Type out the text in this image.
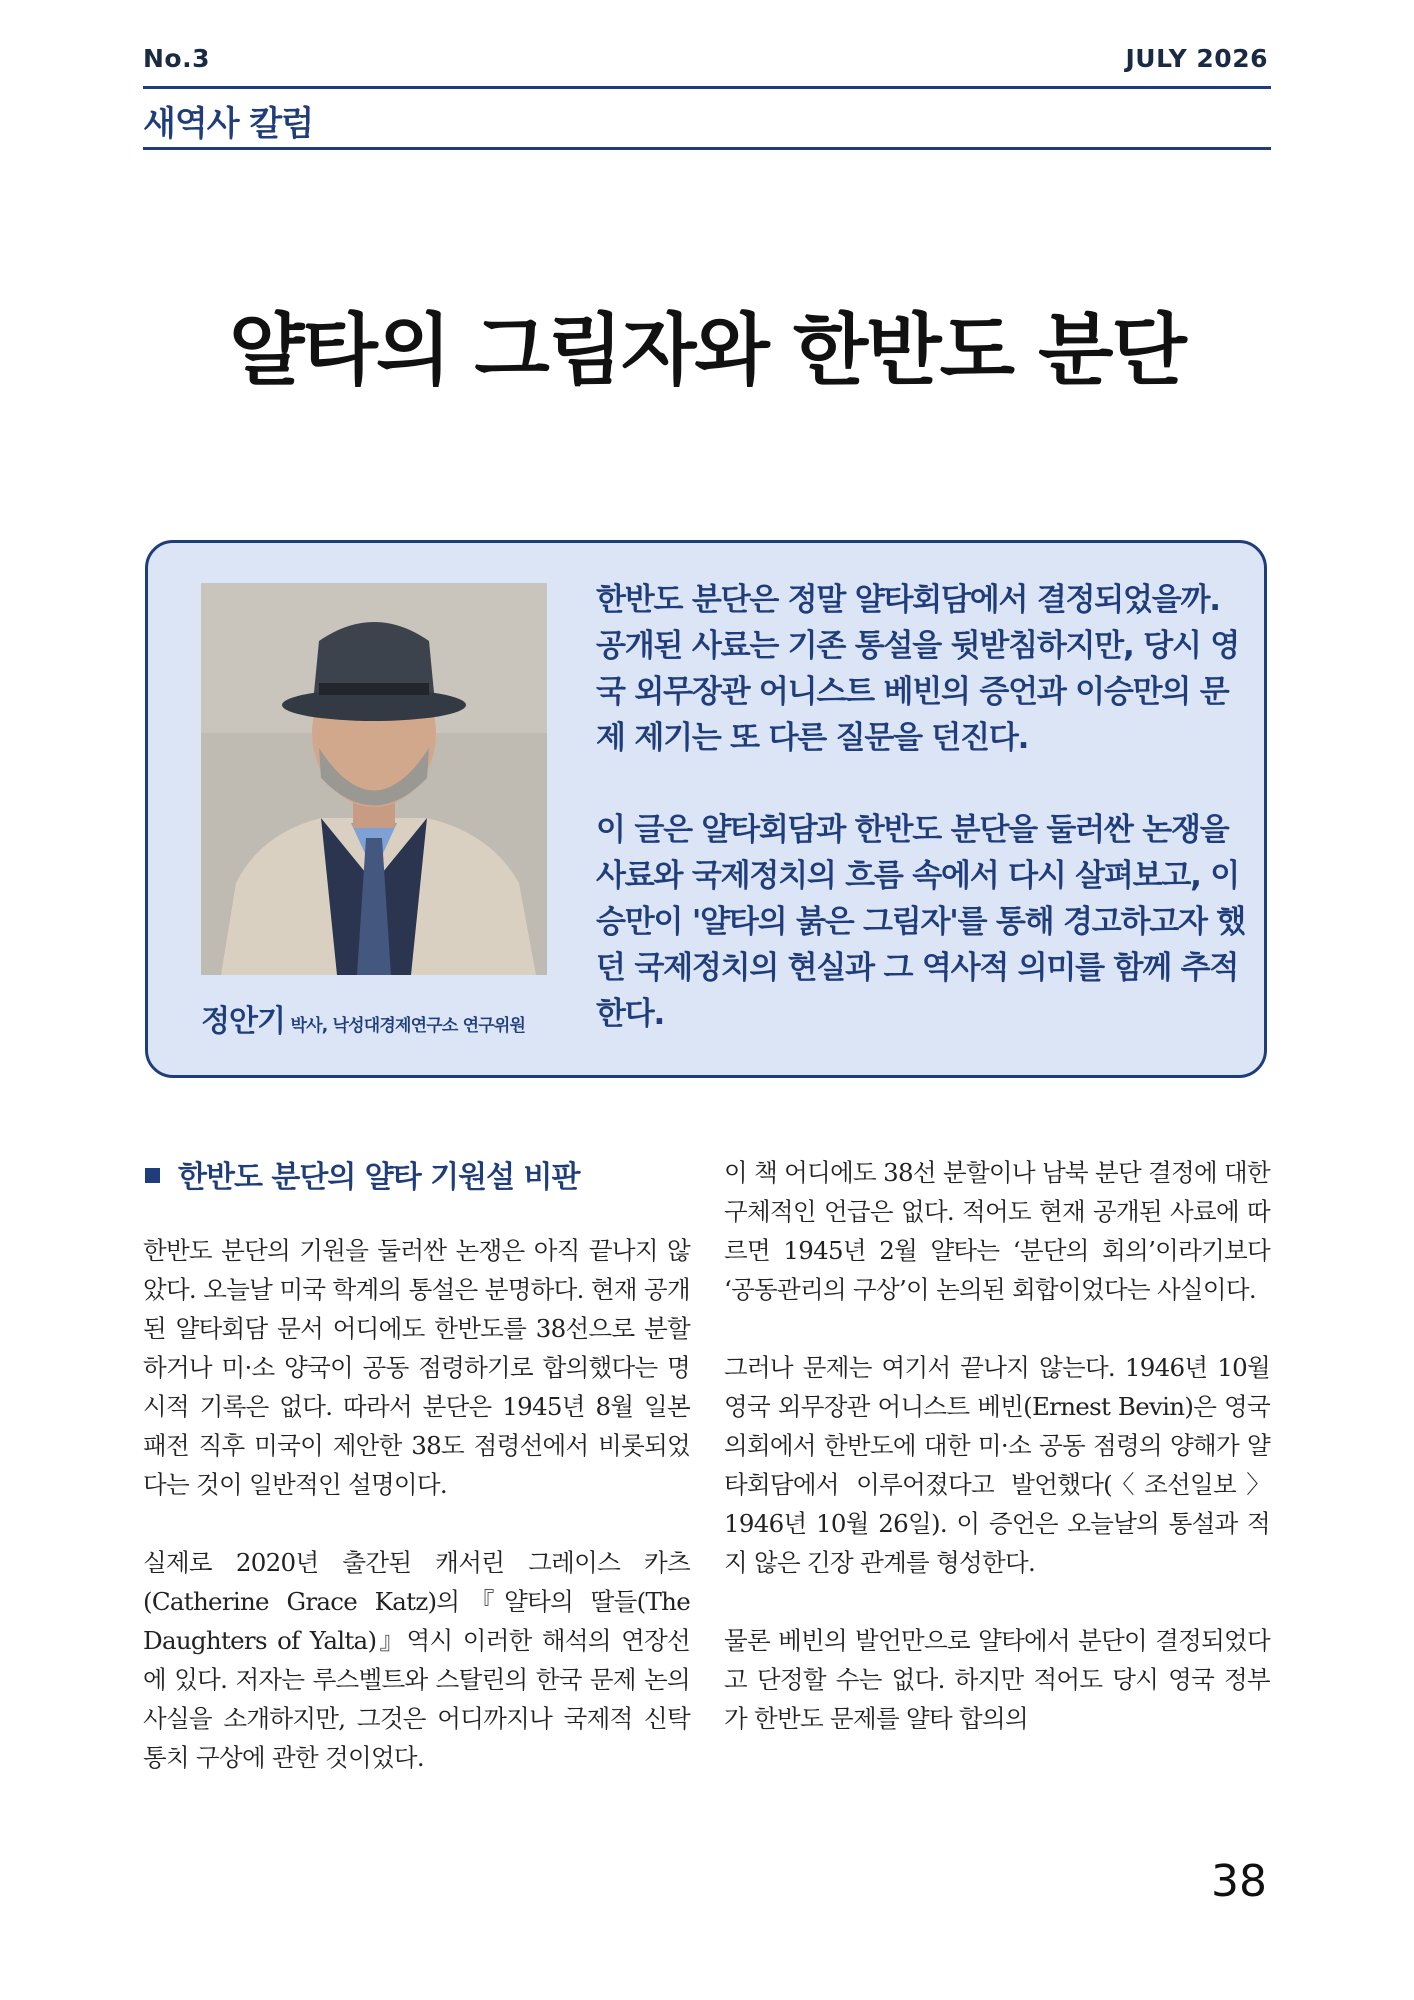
No.3	JULY 2026
새역사 칼럼
얄타의 그림자와 한반도 분단
정안기 박사, 낙성대경제연구소 연구위원

한반도 분단은 정말 얄타회담에서 결정되었을까. 공개된 사료는 기존 통설을 뒷받침하지만, 당시 영국 외무장관 어니스트 베빈의 증언과 이승만의 문제 제기는 또 다른 질문을 던진다.

이 글은 얄타회담과 한반도 분단을 둘러싼 논쟁을 사료와 국제정치의 흐름 속에서 다시 살펴보고, 이승만이 '얄타의 붉은 그림자'를 통해 경고하고자 했던 국제정치의 현실과 그 역사적 의미를 함께 추적한다.

한반도 분단의 얄타 기원설 비판

한반도 분단의 기원을 둘러싼 논쟁은 아직 끝나지 않았다. 오늘날 미국 학계의 통설은 분명하다. 현재 공개된 얄타회담 문서 어디에도 한반도를 38선으로 분할하거나 미·소 양국이 공동 점령하기로 합의했다는 명시적 기록은 없다. 따라서 분단은 1945년 8월 일본 패전 직후 미국이 제안한 38도 점령선에서 비롯되었다는 것이 일반적인 설명이다.

실제로 2020년 출간된 캐서린 그레이스 카츠(Catherine Grace Katz)의『얄타의 딸들(The Daughters of Yalta)』역시 이러한 해석의 연장선에 있다. 저자는 루스벨트와 스탈린의 한국 문제 논의 사실을 소개하지만, 그것은 어디까지나 국제적 신탁통치 구상에 관한 것이었다.

이 책 어디에도 38선 분할이나 남북 분단 결정에 대한 구체적인 언급은 없다. 적어도 현재 공개된 사료에 따르면 1945년 2월 얄타는 ‘분단의 회의’이라기보다 ‘공동관리의 구상’이 논의된 회합이었다는 사실이다.

그러나 문제는 여기서 끝나지 않는다. 1946년 10월 영국 외무장관 어니스트 베빈(Ernest Bevin)은 영국 의회에서 한반도에 대한 미·소 공동 점령의 양해가 얄타회담에서 이루어졌다고 발언했다(〈조선일보〉 1946년 10월 26일). 이 증언은 오늘날의 통설과 적지 않은 긴장 관계를 형성한다.

물론 베빈의 발언만으로 얄타에서 분단이 결정되었다고 단정할 수는 없다. 하지만 적어도 당시 영국 정부가 한반도 문제를 얄타 합의의

38
